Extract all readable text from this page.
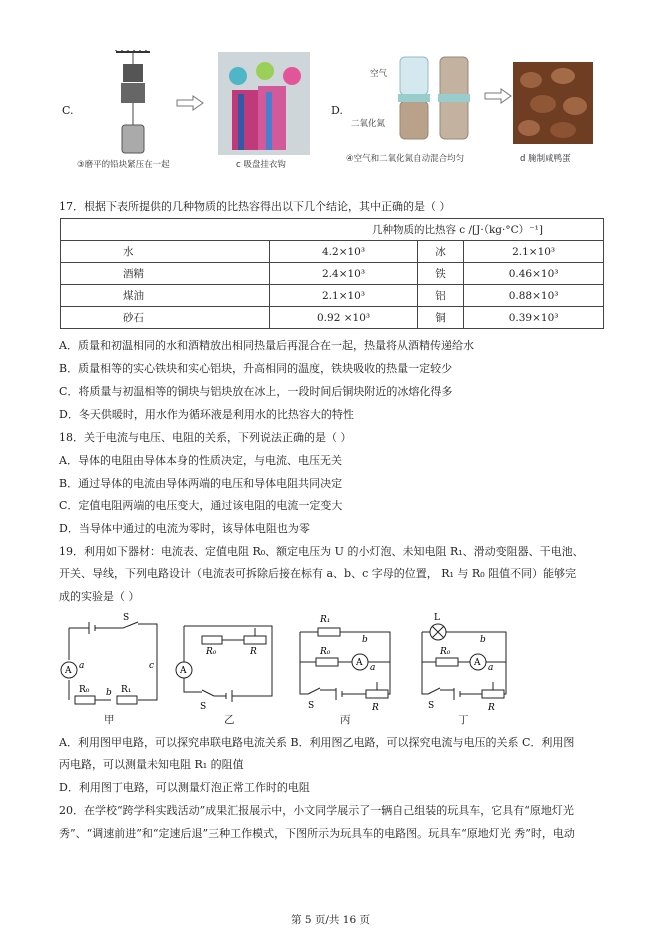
C.
③磨平的铅块紧压在一起	c 吸盘挂衣钩
D.
空气
二氧化氮
④空气和二氧化氮自动混合均匀	d 腌制咸鸭蛋
17．根据下表所提供的几种物质的比热容得出以下几个结论，其中正确的是（ ）
几种物质的比热容 c /[J·（kg·°C）⁻¹]			
水	4.2×10³	冰	2.1×10³
酒精	2.4×10³	铁	0.46×10³
煤油	2.1×10³	铝	0.88×10³
砂石	0.92 ×10³	铜	0.39×10³
A．质量和初温相同的水和酒精放出相同热量后再混合在一起，热量将从酒精传递给水
B．质量相等的实心铁块和实心铝块，升高相同的温度，铁块吸收的热量一定较少
C．将质量与初温相等的铜块与铝块放在冰上，一段时间后铜块附近的冰熔化得多
D．冬天供暖时，用水作为循环液是利用水的比热容大的特性
18．关于电流与电压、电阻的关系，下列说法正确的是（ ）
A．导体的电阻由导体本身的性质决定，与电流、电压无关
B．通过导体的电流由导体两端的电压和导体电阻共同决定
C．定值电阻两端的电压变大，通过该电阻的电流一定变大
D．当导体中通过的电流为零时，该导体电阻也为零
19．利用如下器材：电流表、定值电阻 R₀、额定电压为 U 的小灯泡、未知电阻 R₁、滑动变阻器、干电池、
开关、导线，下列电路设计（电流表可拆除后接在标有 a、b、c 字母的位置， R₁ 与 R₀ 阻值不同）能够完
成的实验是（ ）
A a
S
c
R₀	R₁
b
甲
A
R₀	R
S
乙
R₁
b
R₀
A a
S	R
丙
L
b
R₀
A a
S	R
丁
A．利用图甲电路，可以探究串联电路电流关系 B．利用图乙电路，可以探究电流与电压的关系 C．利用图
丙电路，可以测量未知电阻 R₁ 的阻值
D．利用图丁电路，可以测量灯泡正常工作时的电阻
20．在学校“跨学科实践活动”成果汇报展示中，小文同学展示了一辆自己组装的玩具车，它具有“原地灯光
秀”、“调速前进”和“定速后退”三种工作模式，下图所示为玩具车的电路图。玩具车“原地灯光 秀”时，电动
第 5 页/共 16 页
